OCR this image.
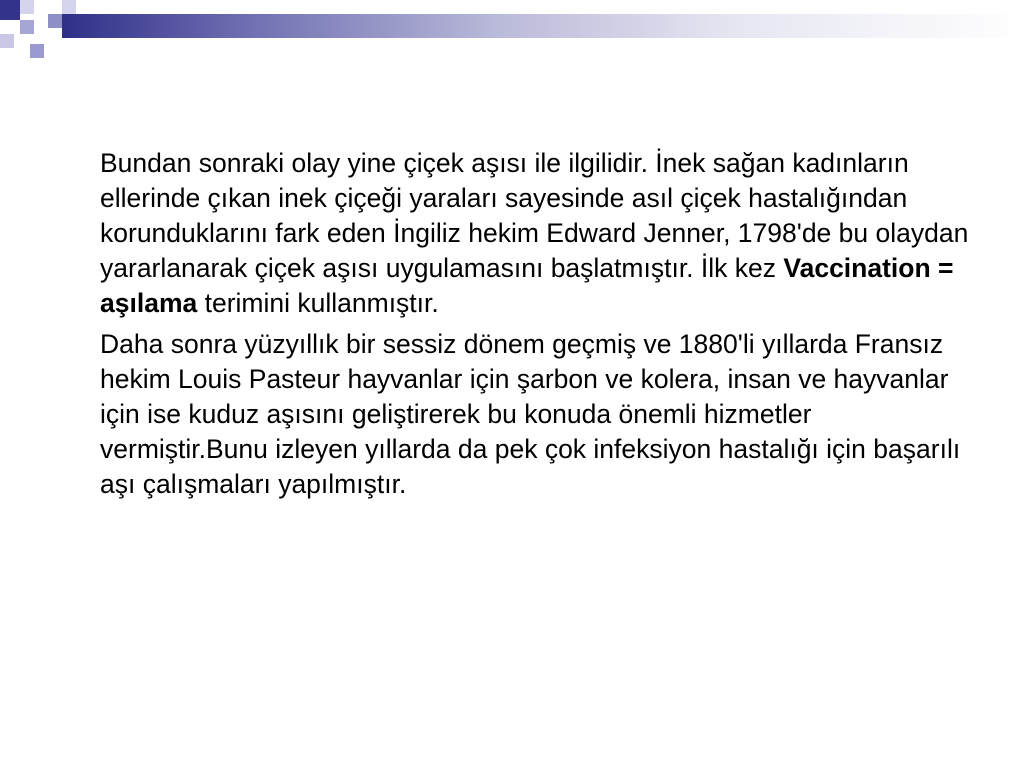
Bundan sonraki olay yine çiçek aşısı ile ilgilidir. İnek sağan kadınların ellerinde çıkan inek çiçeği yaraları sayesinde asıl çiçek hastalığından korunduklarını fark eden İngiliz hekim Edward Jenner, 1798'de bu olaydan yararlanarak çiçek aşısı uygulamasını başlatmıştır. İlk kez Vaccination = aşılama terimini kullanmıştır.

Daha sonra yüzyıllık bir sessiz dönem geçmiş ve 1880'li yıllarda Fransız hekim Louis Pasteur hayvanlar için şarbon ve kolera, insan ve hayvanlar için ise kuduz aşısını geliştirerek bu konuda önemli hizmetler vermiştir.Bunu izleyen yıllarda da pek çok infeksiyon hastalığı için başarılı aşı çalışmaları yapılmıştır.
